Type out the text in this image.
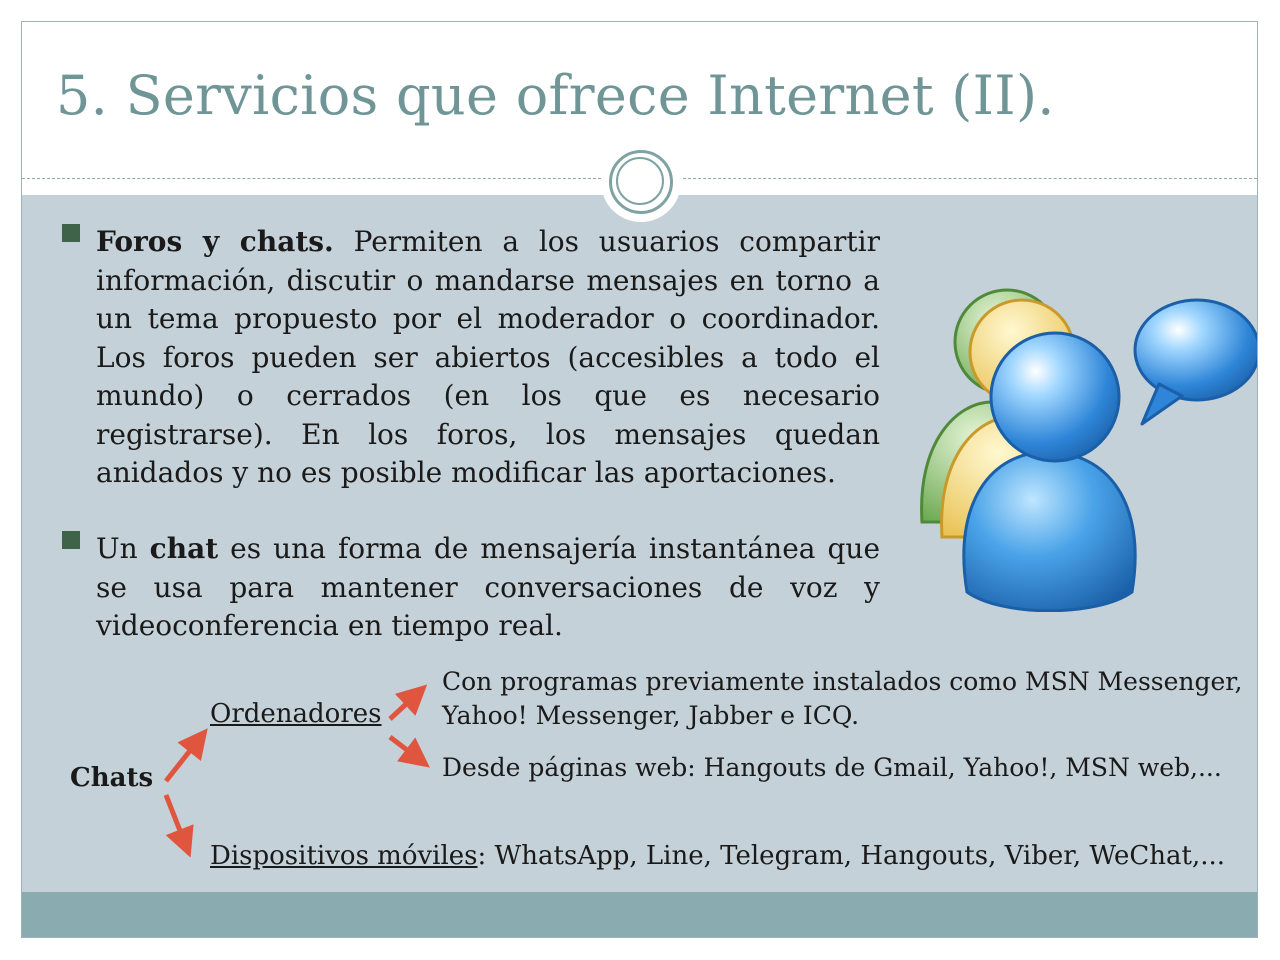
5. Servicios que ofrece Internet (II).

Foros y chats. Permiten a los usuarios compartir información, discutir o mandarse mensajes en torno a un tema propuesto por el moderador o coordinador. Los foros pueden ser abiertos (accesibles a todo el mundo) o cerrados (en los que es necesario registrarse). En los foros, los mensajes quedan anidados y no es posible modificar las aportaciones.

Un chat es una forma de mensajería instantánea que se usa para mantener conversaciones de voz y videoconferencia en tiempo real.

Chats

Ordenadores

Con programas previamente instalados como MSN Messenger,

Yahoo! Messenger, Jabber e ICQ.

Desde páginas web: Hangouts de Gmail, Yahoo!, MSN web,...

Dispositivos móviles: WhatsApp, Line, Telegram, Hangouts, Viber, WeChat,...
